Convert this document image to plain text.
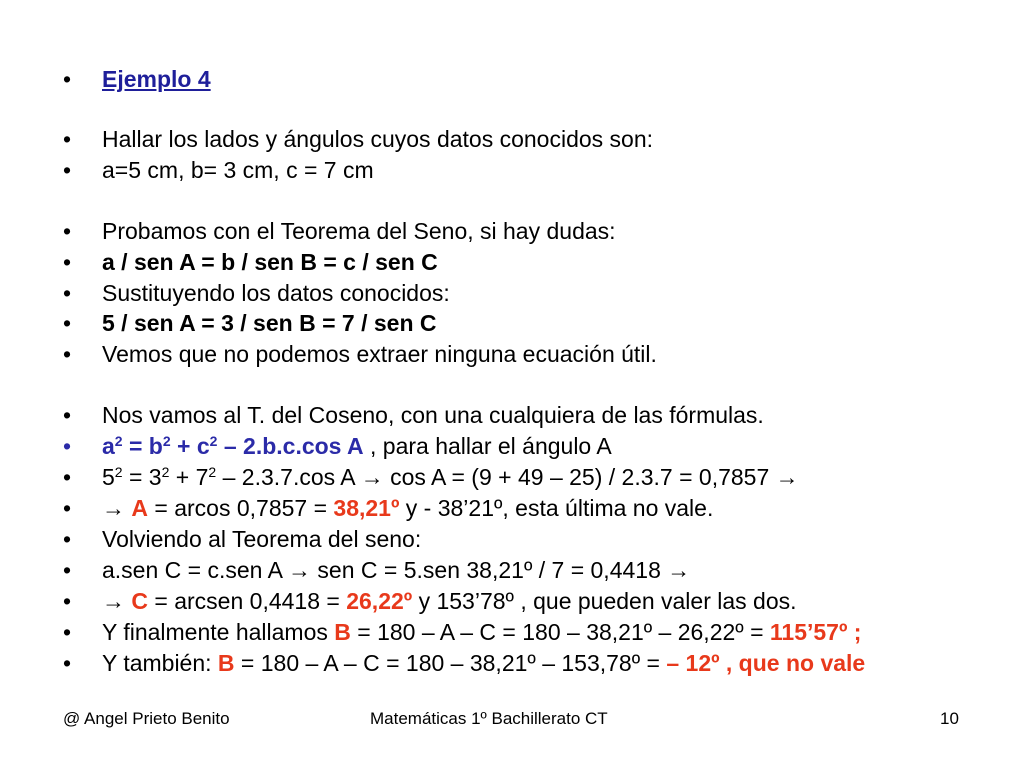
• Ejemplo 4
• Hallar los lados y ángulos cuyos datos conocidos son:
• a=5 cm, b= 3 cm, c = 7 cm
• Probamos con el Teorema del Seno, si hay dudas:
• a / sen A = b / sen B = c / sen C
• Sustituyendo los datos conocidos:
• 5 / sen A = 3 / sen B = 7 / sen C
• Vemos que no podemos extraer ninguna ecuación útil.
• Nos vamos al T. del Coseno, con una cualquiera de las fórmulas.
• $a^2 = b^2 + c^2 - 2.b.c.\cos$ A , para hallar el ángulo A
• $5^2 = 3^2 + 7^2 - 2.3.7.\cos$ A → cos A = (9 + 49 – 25) / 2.3.7 = 0,7857 →
• → A = arcos 0,7857 = 38,21º y - 38’21º, esta última no vale.
• Volviendo al Teorema del seno:
• a.sen C = c.sen A → sen C = 5.sen 38,21º / 7 = 0,4418 →
• → C = arcsen 0,4418 = 26,22º y 153’78º , que pueden valer las dos.
• Y finalmente hallamos B = 180 – A – C = 180 – 38,21º – 26,22º = 115’57º ;
• Y también: B = 180 – A – C = 180 – 38,21º – 153,78º = – 12º , que no vale
@ Angel Prieto Benito	Matemáticas 1º Bachillerato CT	10
